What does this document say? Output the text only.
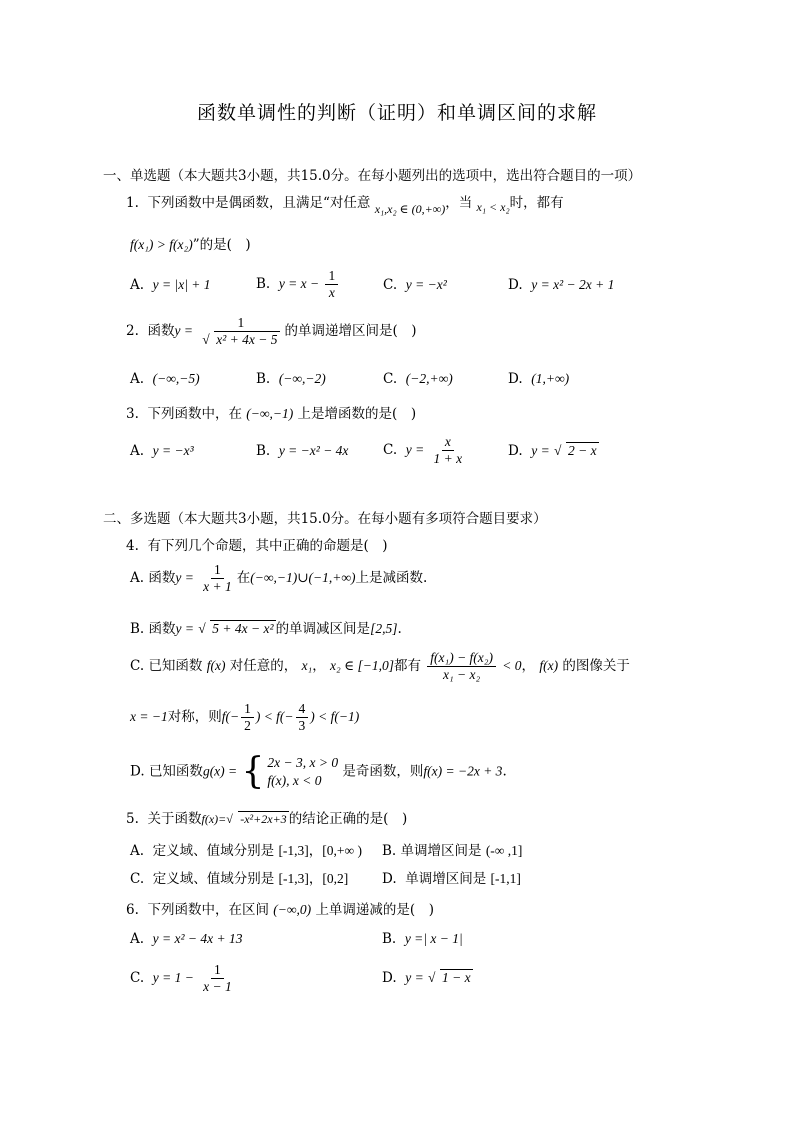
函数单调性的判断（证明）和单调区间的求解
一、单选题（本大题共3小题，共15.0分。在每小题列出的选项中，选出符合题目的一项）
1. 下列函数中是偶函数，且满足“对任意 x₁,x₂ ∈ (0,+∞)，当 x₁ < x₂时，都有
f(x₁) > f(x₂)”的是(　)
A. y = |x| + 1	B. $y = x - \frac{1}{x}$	C. y = −x²	D. y = x² − 2x + 1
2. 函数$y = \frac{1}{\text{√ x² + 4x − 5}}$ 的单调递增区间是(　)
A. (−∞,−5)	B. (−∞,−2)	C. (−2,+∞)	D. (1,+∞)
3. 下列函数中，在 (−∞,−1) 上是增函数的是(　)
A. y = −x³	B. y = −x² − 4x	C. $y = \frac{x}{1 + x}$	D. y = √ 2 − x
二、多选题（本大题共3小题，共15.0分。在每小题有多项符合题目要求）
4. 有下列几个命题，其中正确的命题是(　)
A. 函数$y = \frac{1}{x + 1}$ 在(−∞,−1)∪(−1,+∞)上是减函数.
B. 函数y = √ 5 + 4x − x² 的单调减区间是[2,5].
C. 已知函数 f(x) 对任意的， x₁， x₂ ∈ [−1,0]都有 $\frac{\text{f(x₁) − f(x₂)}}{\text{x₁ − x₂}} < 0$， f(x) 的图像关于
x = −1对称，则$f(- \frac{1}{2}$ ) < $f(- \frac{4}{3}$ ) < f(−1)
D. 已知函数g(x) = { 2x − 3, x > 0
f(x), x < 0
是奇函数，则f(x) = −2x + 3.
5. 关于函数f(x)= √ -x²+2x+3 的结论正确的是(　)
A. 定义域、值域分别是 [-1,3]，[0,+∞ ) B. 单调增区间是 (-∞ ,1]
C. 定义域、值域分别是 [-1,3]，[0,2] D. 单调增区间是 [-1,1]
6. 下列函数中，在区间 (−∞,0) 上单调递减的是(　)
A. y = x² − 4x + 13	B. y =| x − 1|
C. $y = 1 - \frac{1}{x - 1}$	D. y = √ 1 − x
